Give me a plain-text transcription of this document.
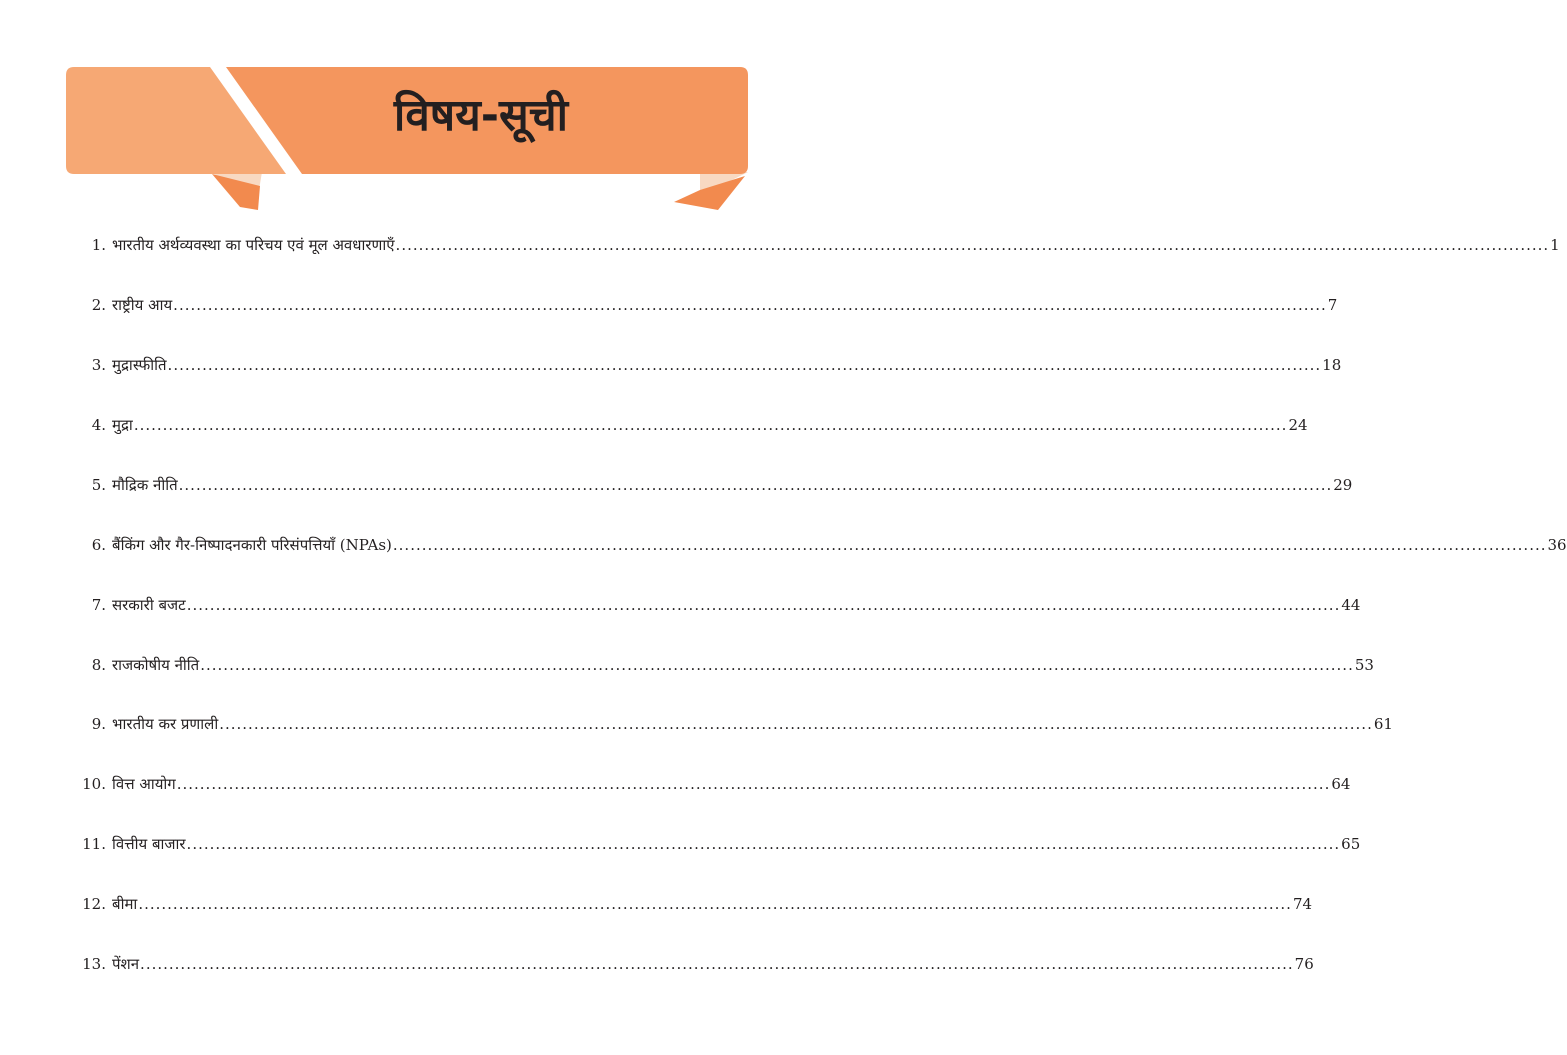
विषय-सूची
1. भारतीय अर्थव्यवस्था का परिचय एवं मूल अवधारणाएँ ........................................................................................................................................................................................................ 1
2. राष्ट्रीय आय ........................................................................................................................................................................................................ 7
3. मुद्रास्फीति ........................................................................................................................................................................................................ 18
4. मुद्रा ........................................................................................................................................................................................................ 24
5. मौद्रिक नीति ........................................................................................................................................................................................................ 29
6. बैंकिंग और गैर-निष्पादनकारी परिसंपत्तियाँ (NPAs) ........................................................................................................................................................................................................ 36
7. सरकारी बजट ........................................................................................................................................................................................................ 44
8. राजकोषीय नीति ........................................................................................................................................................................................................ 53
9. भारतीय कर प्रणाली ........................................................................................................................................................................................................ 61
10. वित्त आयोग ........................................................................................................................................................................................................ 64
11. वित्तीय बाजार ........................................................................................................................................................................................................ 65
12. बीमा ........................................................................................................................................................................................................ 74
13. पेंशन ........................................................................................................................................................................................................ 76
